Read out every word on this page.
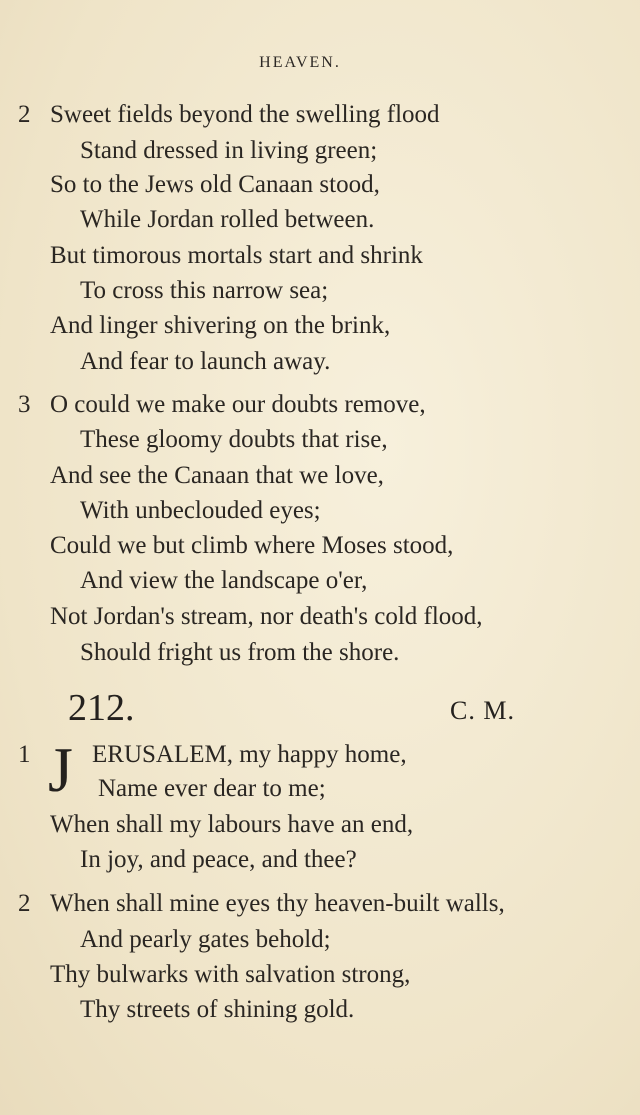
HEAVEN.
2 Sweet fields beyond the swelling flood
Stand dressed in living green;
So to the Jews old Canaan stood,
While Jordan rolled between.
But timorous mortals start and shrink
To cross this narrow sea;
And linger shivering on the brink,
And fear to launch away.
3 O could we make our doubts remove,
These gloomy doubts that rise,
And see the Canaan that we love,
With unbeclouded eyes;
Could we but climb where Moses stood,
And view the landscape o'er,
Not Jordan's stream, nor death's cold flood,
Should fright us from the shore.
212.	C. M.
1 J ERUSALEM, my happy home,
Name ever dear to me;
When shall my labours have an end,
In joy, and peace, and thee?
2 When shall mine eyes thy heaven-built walls,
And pearly gates behold;
Thy bulwarks with salvation strong,
Thy streets of shining gold.
